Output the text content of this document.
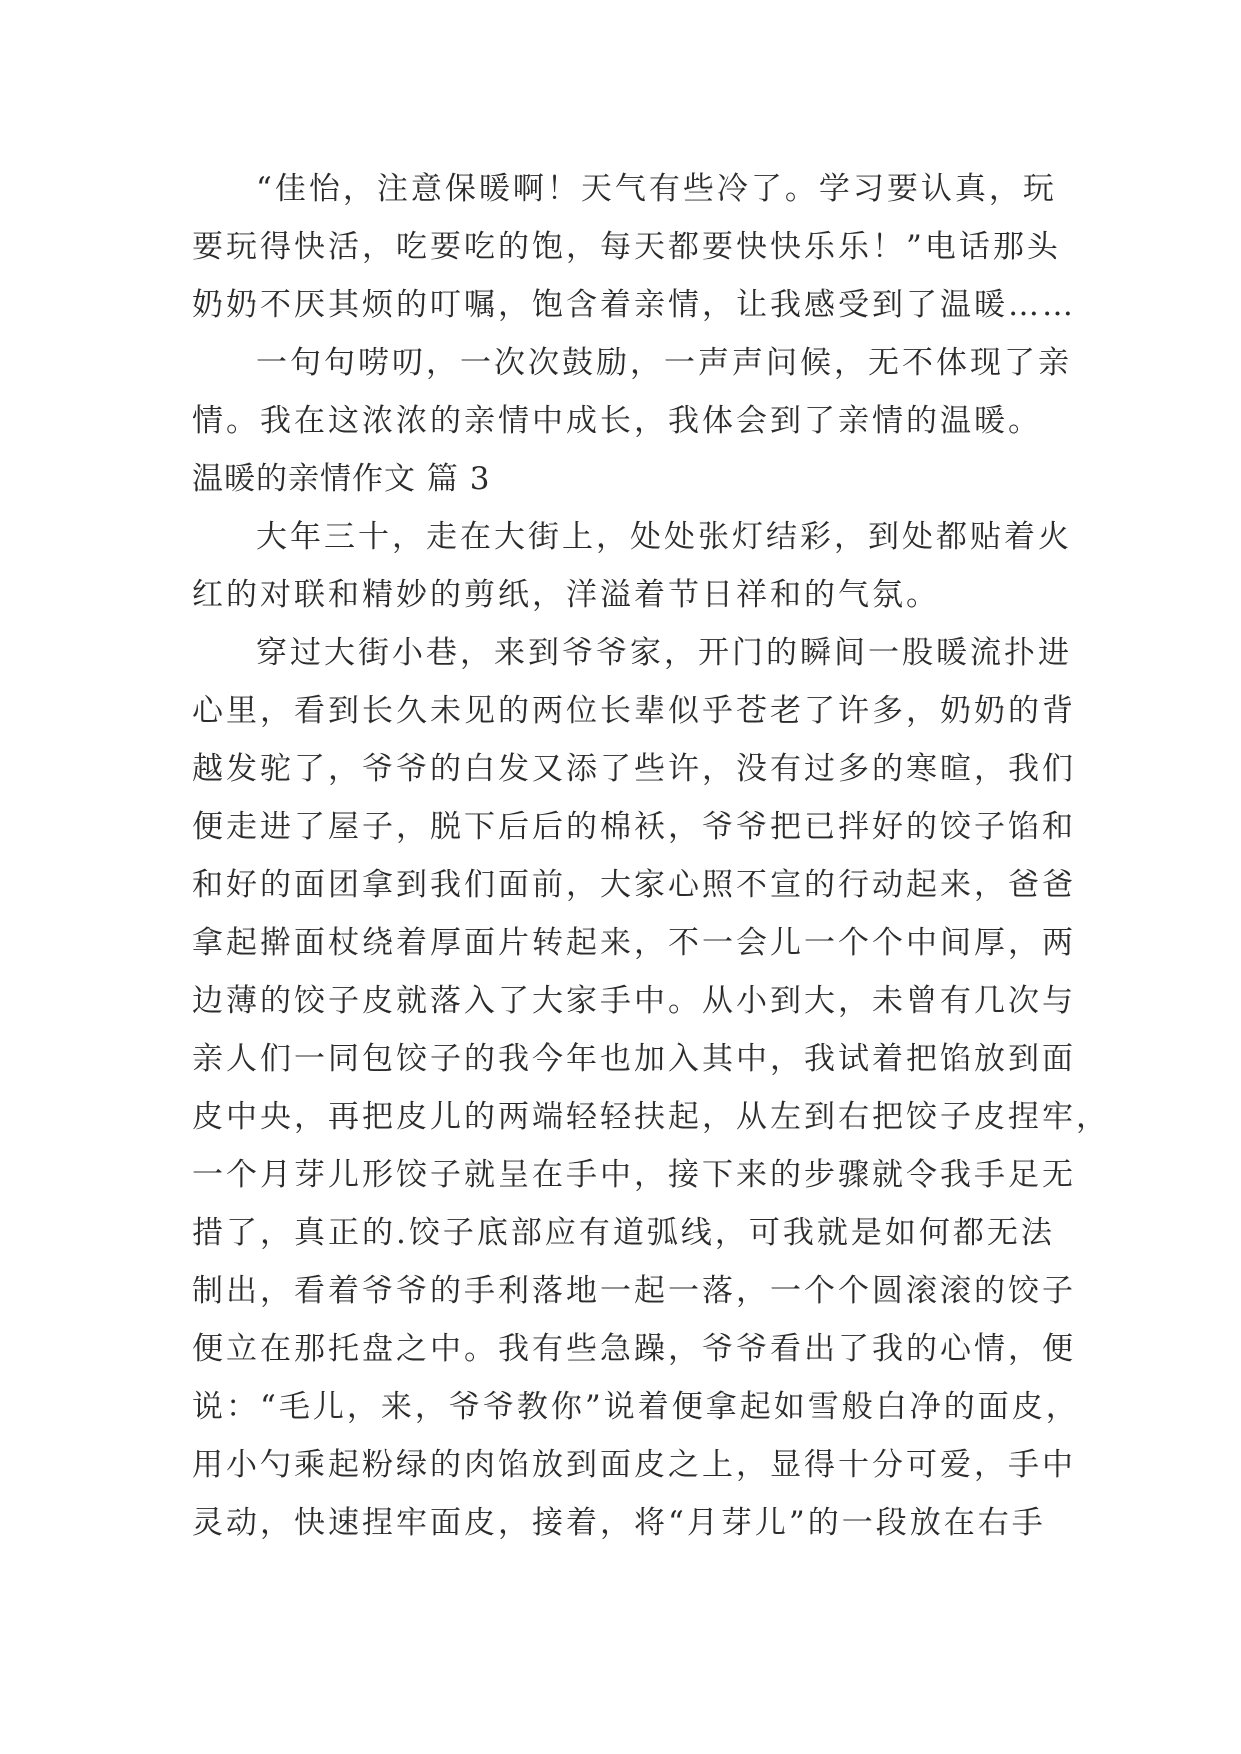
“佳怡，注意保暖啊！天气有些冷了。学习要认真，玩
要玩得快活，吃要吃的饱，每天都要快快乐乐！”电话那头
奶奶不厌其烦的叮嘱，饱含着亲情，让我感受到了温暖……
一句句唠叨，一次次鼓励，一声声问候，无不体现了亲
情。我在这浓浓的亲情中成长，我体会到了亲情的温暖。
温暖的亲情作文 篇 3
大年三十，走在大街上，处处张灯结彩，到处都贴着火
红的对联和精妙的剪纸，洋溢着节日祥和的气氛。
穿过大街小巷，来到爷爷家，开门的瞬间一股暖流扑进
心里，看到长久未见的两位长辈似乎苍老了许多，奶奶的背
越发驼了，爷爷的白发又添了些许，没有过多的寒暄，我们
便走进了屋子，脱下后后的棉袄，爷爷把已拌好的饺子馅和
和好的面团拿到我们面前，大家心照不宣的行动起来，爸爸
拿起擀面杖绕着厚面片转起来，不一会儿一个个中间厚，两
边薄的饺子皮就落入了大家手中。从小到大，未曾有几次与
亲人们一同包饺子的我今年也加入其中，我试着把馅放到面
皮中央，再把皮儿的两端轻轻扶起，从左到右把饺子皮捏牢，
一个月芽儿形饺子就呈在手中，接下来的步骤就令我手足无
措了，真正的.饺子底部应有道弧线，可我就是如何都无法
制出，看着爷爷的手利落地一起一落，一个个圆滚滚的饺子
便立在那托盘之中。我有些急躁，爷爷看出了我的心情，便
说：“毛儿，来，爷爷教你”说着便拿起如雪般白净的面皮，
用小勺乘起粉绿的肉馅放到面皮之上，显得十分可爱，手中
灵动，快速捏牢面皮，接着，将“月芽儿”的一段放在右手
